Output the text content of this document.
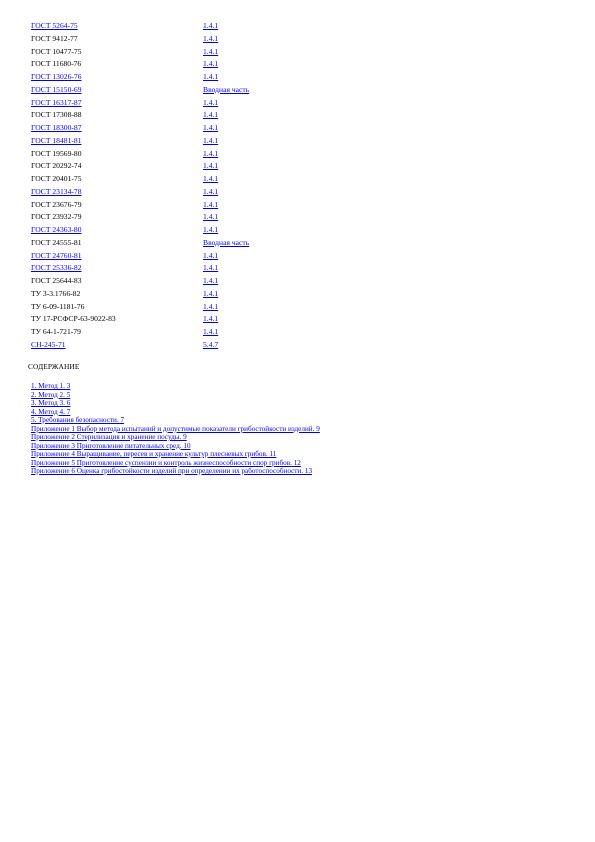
ГОСТ 5264-75	1.4.1
ГОСТ 9412-77	1.4.1
ГОСТ 10477-75	1.4.1
ГОСТ 11680-76	1.4.1
ГОСТ 13026-76	1.4.1
ГОСТ 15150-69	Вводная часть
ГОСТ 16317-87	1.4.1
ГОСТ 17308-88	1.4.1
ГОСТ 18300-87	1.4.1
ГОСТ 18481-81	1.4.1
ГОСТ 19569-80	1.4.1
ГОСТ 20292-74	1.4.1
ГОСТ 20401-75	1.4.1
ГОСТ 23134-78	1.4.1
ГОСТ 23676-79	1.4.1
ГОСТ 23932-79	1.4.1
ГОСТ 24363-80	1.4.1
ГОСТ 24555-81	Вводная часть
ГОСТ 24760-81	1.4.1
ГОСТ 25336-82	1.4.1
ГОСТ 25644-83	1.4.1
ТУ 3-3.1766-82	1.4.1
ТУ 6-09-1181-76	1.4.1
ТУ 17-РСФСР-63-9022-83	1.4.1
ТУ 64-1-721-79	1.4.1
СН-245-71	5.4.7
СОДЕРЖАНИЕ
1. Метод 1. 3
2. Метод 2. 5
3. Метод 3. 6
4. Метод 4. 7
5. Требования безопасности. 7
Приложение 1 Выбор метода испытаний и допустимые показатели грибостойкости изделий. 9
Приложение 2 Стерилизация и хранение посуды. 9
Приложение 3 Приготовление питательных сред. 10
Приложение 4 Выращивание, пересев и хранение культур плесневых грибов. 11
Приложение 5 Приготовление суспензии и контроль жизнеспособности спор грибов. 12
Приложение 6 Оценка грибостойкости изделий при определении их работоспособности. 13
